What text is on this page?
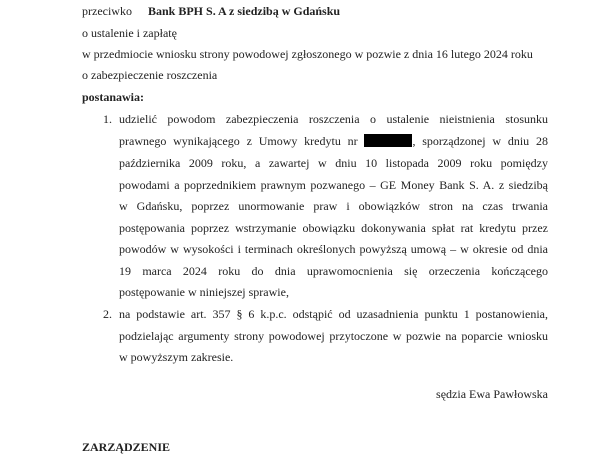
przeciwko Bank BPH S. A z siedzibą w Gdańsku
o ustalenie i zapłatę
w przedmiocie wniosku strony powodowej zgłoszonego w pozwie z dnia 16 lutego 2024 roku
o zabezpieczenie roszczenia
postanawia:
1. udzielić powodom zabezpieczenia roszczenia o ustalenie nieistnienia stosunku
prawnego wynikającego z Umowy kredytu nr	, sporządzonej w dniu 28
października 2009 roku, a zawartej w dniu 10 listopada 2009 roku pomiędzy
powodami a poprzednikiem prawnym pozwanego – GE Money Bank S. A. z siedzibą
w Gdańsku, poprzez unormowanie praw i obowiązków stron na czas trwania
postępowania poprzez wstrzymanie obowiązku dokonywania spłat rat kredytu przez
powodów w wysokości i terminach określonych powyższą umową – w okresie od dnia
19 marca 2024 roku do dnia uprawomocnienia się orzeczenia kończącego
postępowanie w niniejszej sprawie,
2. na podstawie art. 357 § 6 k.p.c. odstąpić od uzasadnienia punktu 1 postanowienia,
podzielając argumenty strony powodowej przytoczone w pozwie na poparcie wniosku
w powyższym zakresie.
sędzia Ewa Pawłowska
ZARZĄDZENIE
